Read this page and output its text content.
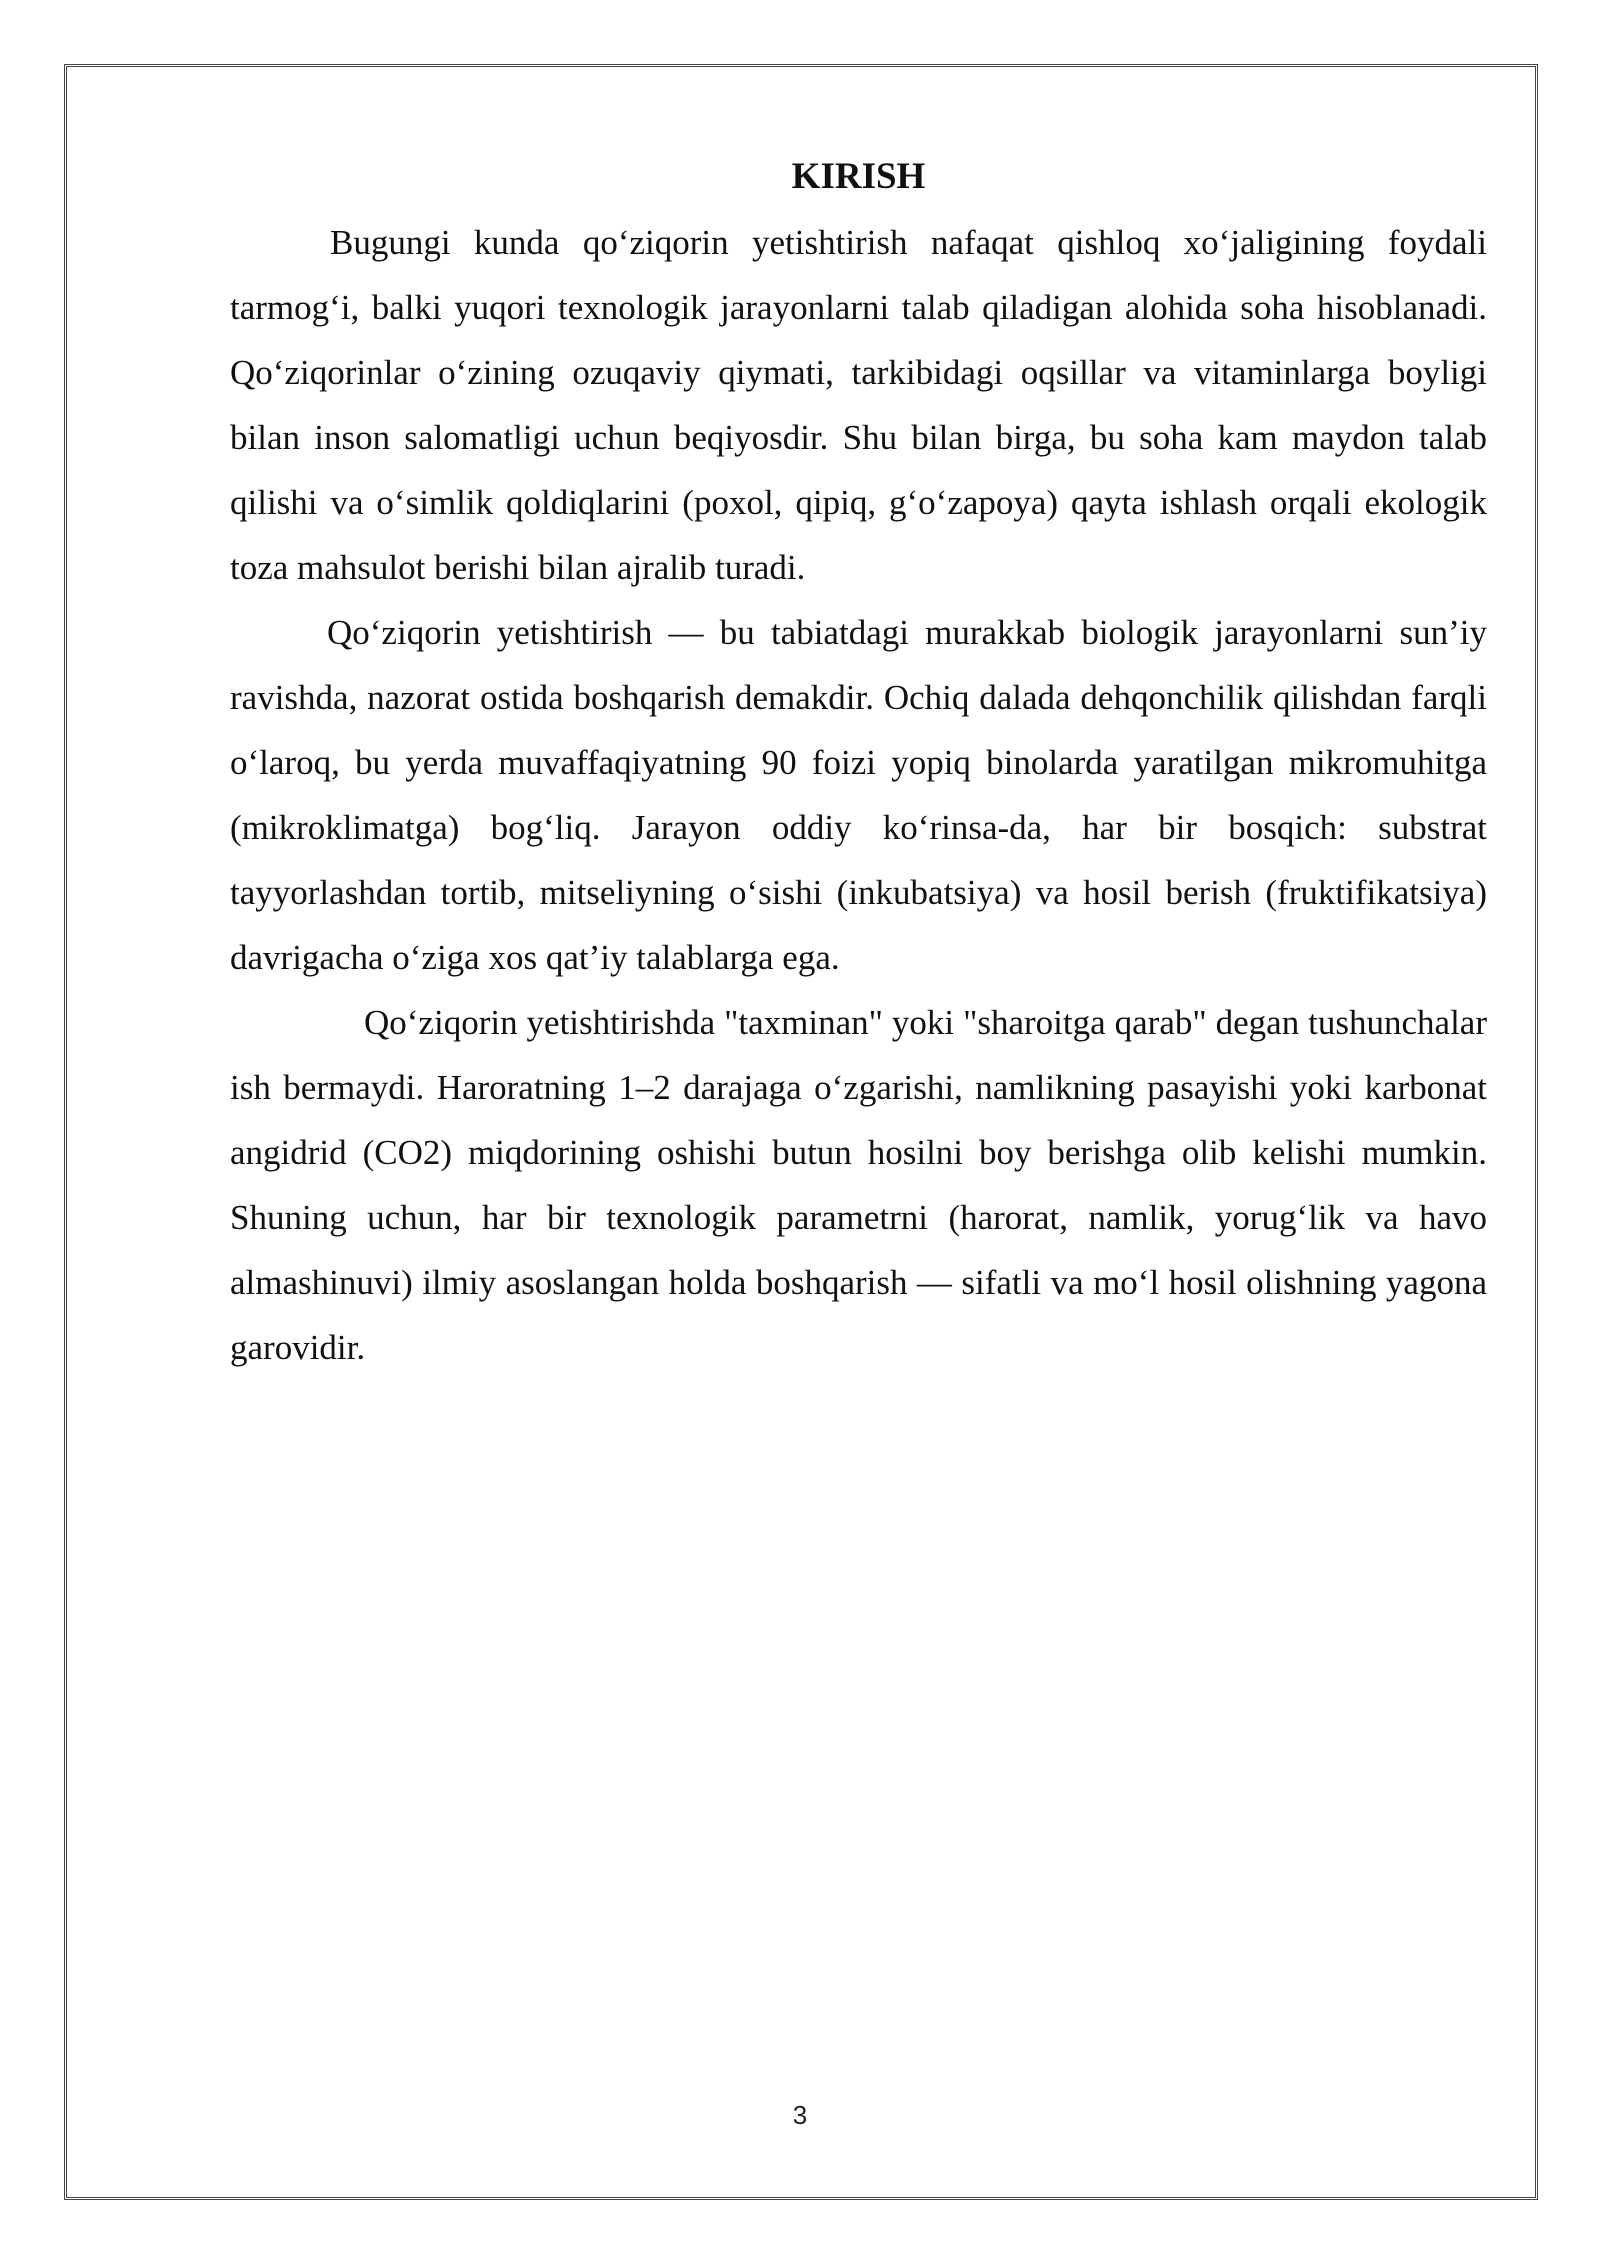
KIRISH

Bugungi kunda qo‘ziqorin yetishtirish nafaqat qishloq xo‘jaligining foydali tarmog‘i, balki yuqori texnologik jarayonlarni talab qiladigan alohida soha hisoblanadi. Qo‘ziqorinlar o‘zining ozuqaviy qiymati, tarkibidagi oqsillar va vitaminlarga boyligi bilan inson salomatligi uchun beqiyosdir. Shu bilan birga, bu soha kam maydon talab qilishi va o‘simlik qoldiqlarini (poxol, qipiq, g‘o‘zapoya) qayta ishlash orqali ekologik toza mahsulot berishi bilan ajralib turadi.

Qo‘ziqorin yetishtirish — bu tabiatdagi murakkab biologik jarayonlarni sun’iy ravishda, nazorat ostida boshqarish demakdir. Ochiq dalada dehqonchilik qilishdan farqli o‘laroq, bu yerda muvaffaqiyatning 90 foizi yopiq binolarda yaratilgan mikromuhitga (mikroklimatga) bog‘liq. Jarayon oddiy ko‘rinsa-da, har bir bosqich: substrat tayyorlashdan tortib, mitseliyning o‘sishi (inkubatsiya) va hosil berish (fruktifikatsiya) davrigacha o‘ziga xos qat’iy talablarga ega.

Qo‘ziqorin yetishtirishda "taxminan" yoki "sharoitga qarab" degan tushunchalar ish bermaydi. Haroratning 1–2 darajaga o‘zgarishi, namlikning pasayishi yoki karbonat angidrid (CO2) miqdorining oshishi butun hosilni boy berishga olib kelishi mumkin. Shuning uchun, har bir texnologik parametrni (harorat, namlik, yorug‘lik va havo almashinuvi) ilmiy asoslangan holda boshqarish — sifatli va mo‘l hosil olishning yagona garovidir.

3
